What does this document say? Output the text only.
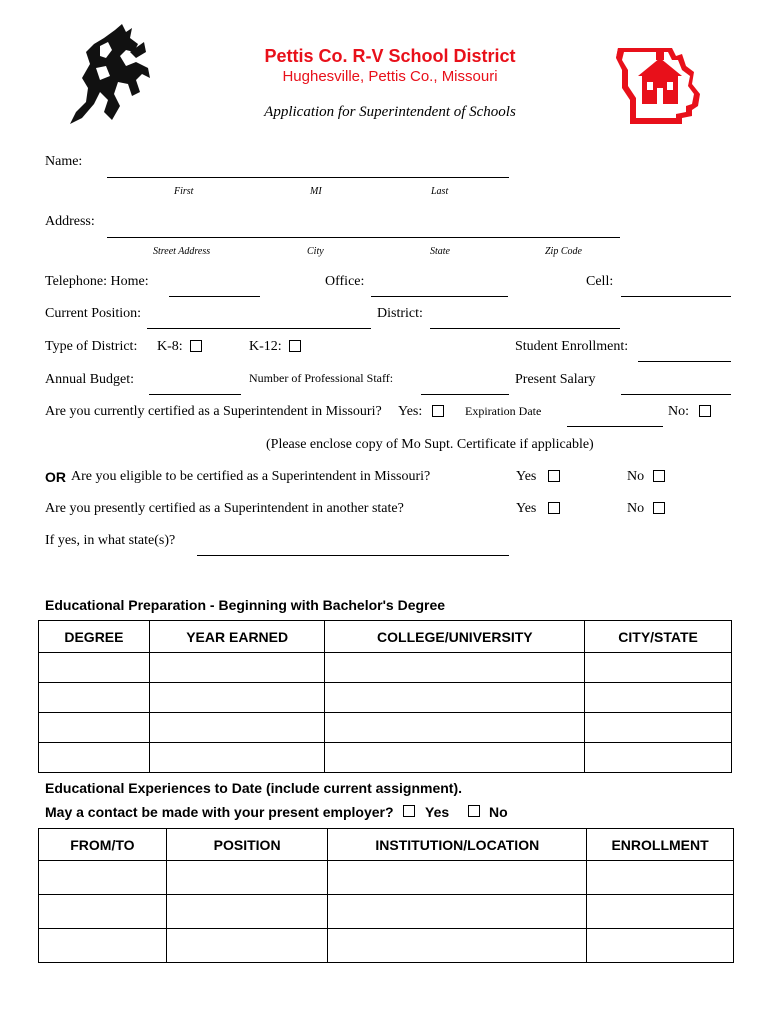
Pettis Co. R-V School District
Hughesville, Pettis Co., Missouri
Application for Superintendent of Schools
Name:
First	MI	Last
Address:
Street Address	City	State	Zip Code
Telephone: Home:	Office:	Cell:
Current Position:	District:
Type of District: K-8:	K-12:	Student Enrollment:
Annual Budget:	Number of Professional Staff:	Present Salary
Are you currently certified as a Superintendent in Missouri? Yes:	Expiration Date	No:
(Please enclose copy of Mo Supt. Certificate if applicable)
OR Are you eligible to be certified as a Superintendent in Missouri?	Yes	No
Are you presently certified as a Superintendent in another state?	Yes	No
If yes, in what state(s)?
Educational Preparation - Beginning with Bachelor's Degree
DEGREE	YEAR EARNED	COLLEGE/UNIVERSITY	CITY/STATE

Educational Experiences to Date (include current assignment).
May a contact be made with your present employer? Yes	No
FROM/TO	POSITION	INSTITUTION/LOCATION	ENROLLMENT
